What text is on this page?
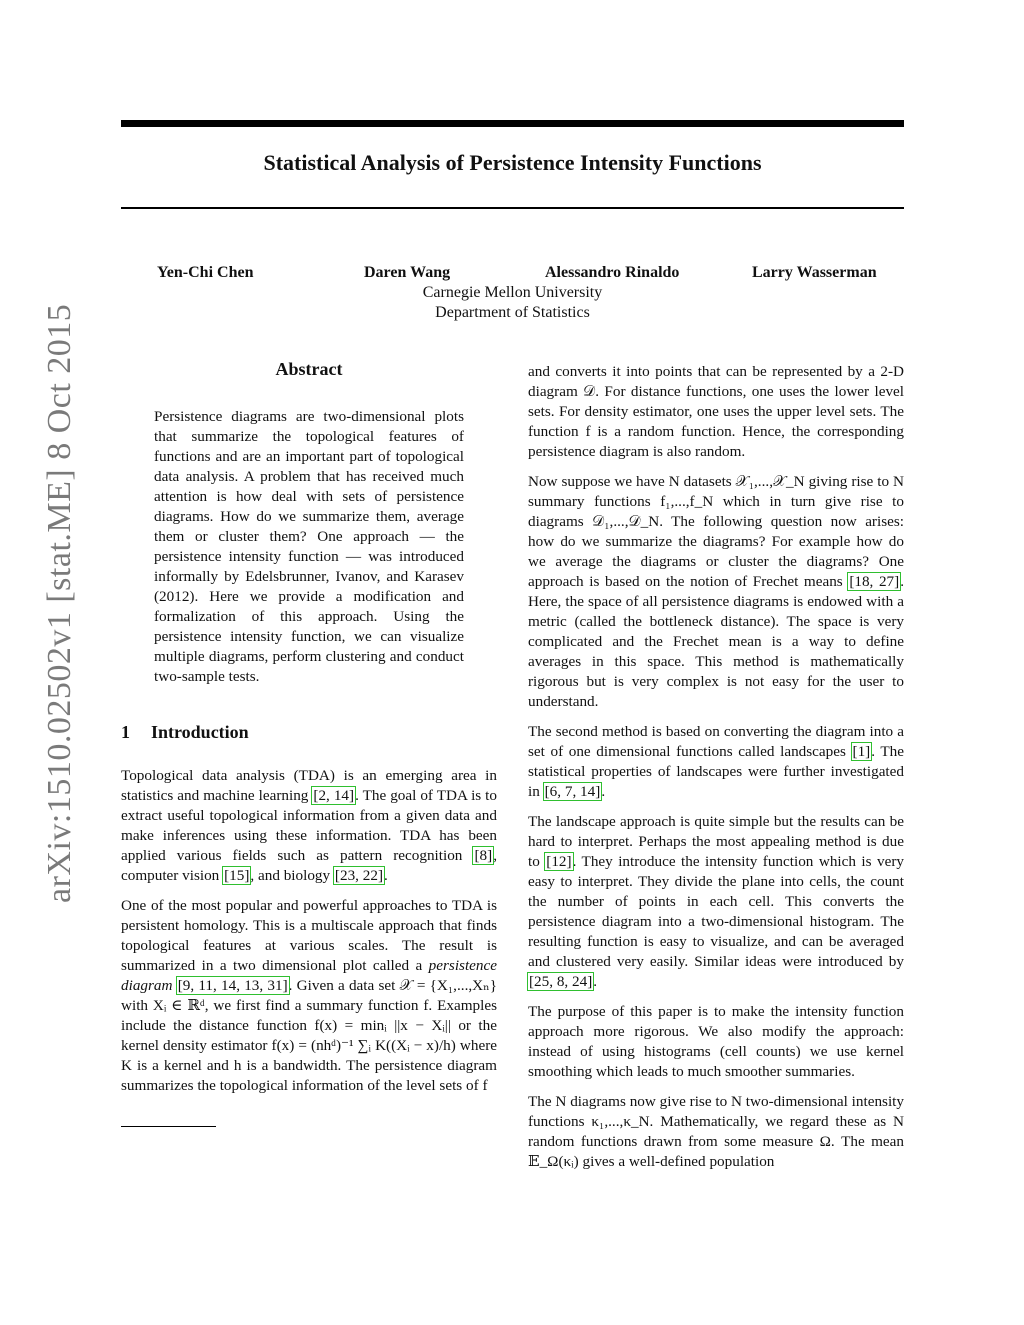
arXiv:1510.02502v1 [stat.ME] 8 Oct 2015
Statistical Analysis of Persistence Intensity Functions
Yen-Chi Chen	Daren Wang	Alessandro Rinaldo	Larry Wasserman
Carnegie Mellon University
Department of Statistics
Abstract

Persistence diagrams are two-dimensional plots that summarize the topological features of functions and are an important part of topological data analysis. A problem that has received much attention is how deal with sets of persistence diagrams. How do we summarize them, average them or cluster them? One approach — the persistence intensity function — was introduced informally by Edelsbrunner, Ivanov, and Karasev (2012). Here we provide a modification and formalization of this approach. Using the persistence intensity function, we can visualize multiple diagrams, perform clustering and conduct two-sample tests.

1 Introduction

Topological data analysis (TDA) is an emerging area in statistics and machine learning [2, 14]. The goal of TDA is to extract useful topological information from a given data and make inferences using these information. TDA has been applied various fields such as pattern recognition [8], computer vision [15], and biology [23, 22].

One of the most popular and powerful approaches to TDA is persistent homology. This is a multiscale approach that finds topological features at various scales. The result is summarized in a two dimensional plot called a persistence diagram [9, 11, 14, 13, 31]. Given a data set 𝒳 = {X₁,...,Xₙ} with Xᵢ ∈ ℝᵈ, we first find a summary function f. Examples include the distance function f(x) = minᵢ ||x − Xᵢ|| or the kernel density estimator f(x) = (nhᵈ)⁻¹ ∑ᵢ K((Xᵢ − x)/h) where K is a kernel and h is a bandwidth. The persistence diagram summarizes the topological information of the level sets of f

and converts it into points that can be represented by a 2-D diagram 𝒟. For distance functions, one uses the lower level sets. For density estimator, one uses the upper level sets. The function f is a random function. Hence, the corresponding persistence diagram is also random.

Now suppose we have N datasets 𝒳₁,...,𝒳_N giving rise to N summary functions f₁,...,f_N which in turn give rise to diagrams 𝒟₁,...,𝒟_N. The following question now arises: how do we summarize the diagrams? For example how do we average the diagrams or cluster the diagrams? One approach is based on the notion of Frechet means [18, 27]. Here, the space of all persistence diagrams is endowed with a metric (called the bottleneck distance). The space is very complicated and the Frechet mean is a way to define averages in this space. This method is mathematically rigorous but is very complex is not easy for the user to understand.

The second method is based on converting the diagram into a set of one dimensional functions called landscapes [1]. The statistical properties of landscapes were further investigated in [6, 7, 14].

The landscape approach is quite simple but the results can be hard to interpret. Perhaps the most appealing method is due to [12]. They introduce the intensity function which is very easy to interpret. They divide the plane into cells, the count the number of points in each cell. This converts the persistence diagram into a two-dimensional histogram. The resulting function is easy to visualize, and can be averaged and clustered very easily. Similar ideas were introduced by [25, 8, 24].

The purpose of this paper is to make the intensity function approach more rigorous. We also modify the approach: instead of using histograms (cell counts) we use kernel smoothing which leads to much smoother summaries.

The N diagrams now give rise to N two-dimensional intensity functions κ₁,...,κ_N. Mathematically, we regard these as N random functions drawn from some measure Ω. The mean 𝔼_Ω(κᵢ) gives a well-defined population
